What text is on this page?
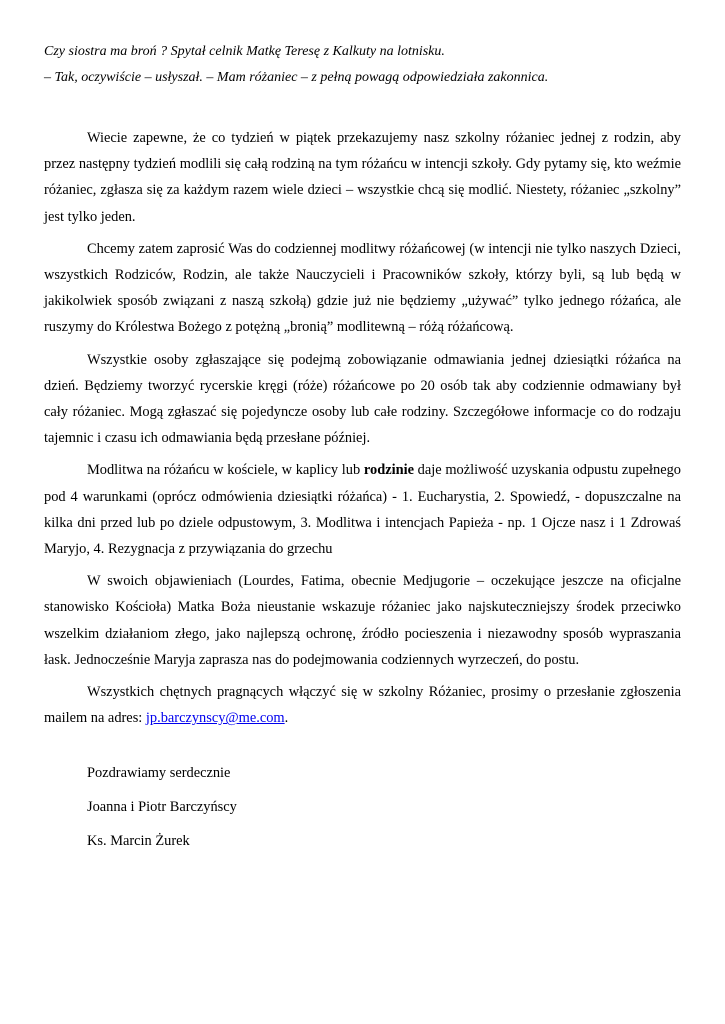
Czy siostra ma broń ? Spytał celnik Matkę Teresę z Kalkuty na lotnisku.

– Tak, oczywiście – usłyszał. – Mam różaniec – z pełną powagą odpowiedziała zakonnica.

Wiecie zapewne, że co tydzień w piątek przekazujemy nasz szkolny różaniec jednej z rodzin, aby przez następny tydzień modlili się całą rodziną na tym różańcu w intencji szkoły. Gdy pytamy się, kto weźmie różaniec, zgłasza się za każdym razem wiele dzieci – wszystkie chcą się modlić. Niestety, różaniec „szkolny” jest tylko jeden.

Chcemy zatem zaprosić Was do codziennej modlitwy różańcowej (w intencji nie tylko naszych Dzieci, wszystkich Rodziców, Rodzin, ale także Nauczycieli i Pracowników szkoły, którzy byli, są lub będą w jakikolwiek sposób związani z naszą szkołą) gdzie już nie będziemy „używać” tylko jednego różańca, ale ruszymy do Królestwa Bożego z potężną „bronią” modlitewną – różą różańcową.

Wszystkie osoby zgłaszające się podejmą zobowiązanie odmawiania jednej dziesiątki różańca na dzień. Będziemy tworzyć rycerskie kręgi (róże) różańcowe po 20 osób tak aby codziennie odmawiany był cały różaniec. Mogą zgłaszać się pojedyncze osoby lub całe rodziny. Szczegółowe informacje co do rodzaju tajemnic i czasu ich odmawiania będą przesłane później.

Modlitwa na różańcu w kościele, w kaplicy lub rodzinie daje możliwość uzyskania odpustu zupełnego pod 4 warunkami (oprócz odmówienia dziesiątki różańca) - 1. Eucharystia, 2. Spowiedź, - dopuszczalne na kilka dni przed lub po dziele odpustowym, 3. Modlitwa i intencjach Papieża - np. 1 Ojcze nasz i 1 Zdrowaś Maryjo, 4. Rezygnacja z przywiązania do grzechu

W swoich objawieniach (Lourdes, Fatima, obecnie Medjugorie – oczekujące jeszcze na oficjalne stanowisko Kościoła) Matka Boża nieustanie wskazuje różaniec jako najskuteczniejszy środek przeciwko wszelkim działaniom złego, jako najlepszą ochronę, źródło pocieszenia i niezawodny sposób wypraszania łask. Jednocześnie Maryja zaprasza nas do podejmowania codziennych wyrzeczeń, do postu.

Wszystkich chętnych pragnących włączyć się w szkolny Różaniec, prosimy o przesłanie zgłoszenia mailem na adres: jp.barczynscy@me.com.

Pozdrawiamy serdecznie
Joanna i Piotr Barczyńscy
Ks. Marcin Żurek
